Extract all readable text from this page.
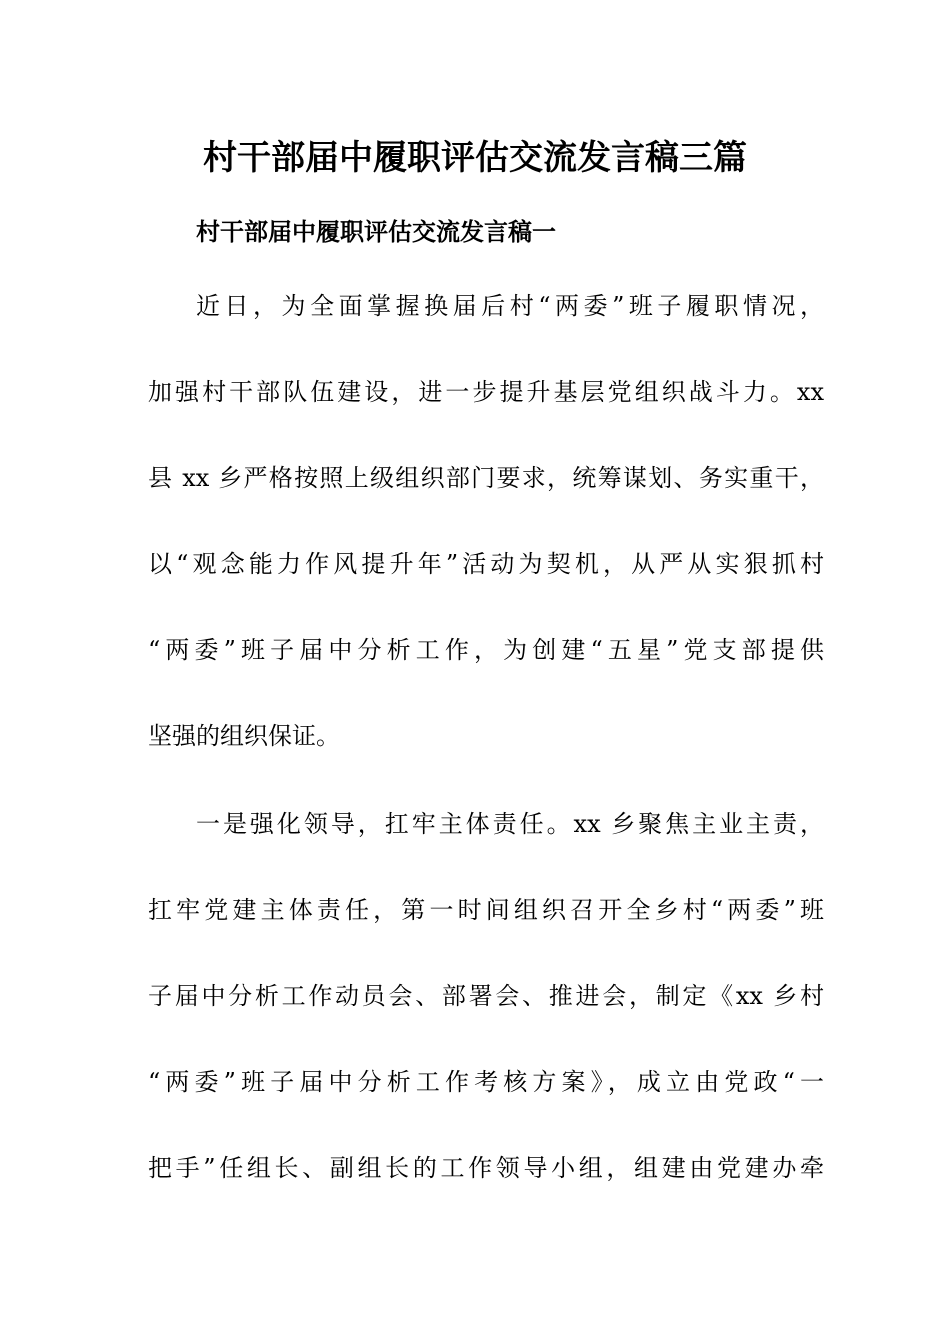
村干部届中履职评估交流发言稿三篇
村干部届中履职评估交流发言稿一
近日，为全面掌握换届后村“两委”班子履职情况，
加强村干部队伍建设，进一步提升基层党组织战斗力。xx
县 xx 乡严格按照上级组织部门要求，统筹谋划、务实重干，
以“观念能力作风提升年”活动为契机，从严从实狠抓村
“两委”班子届中分析工作，为创建“五星”党支部提供
坚强的组织保证。
一是强化领导，扛牢主体责任。xx 乡聚焦主业主责，
扛牢党建主体责任，第一时间组织召开全乡村“两委”班
子届中分析工作动员会、部署会、推进会，制定《xx 乡村
“两委”班子届中分析工作考核方案》，成立由党政“一
把手”任组长、副组长的工作领导小组，组建由党建办牵
